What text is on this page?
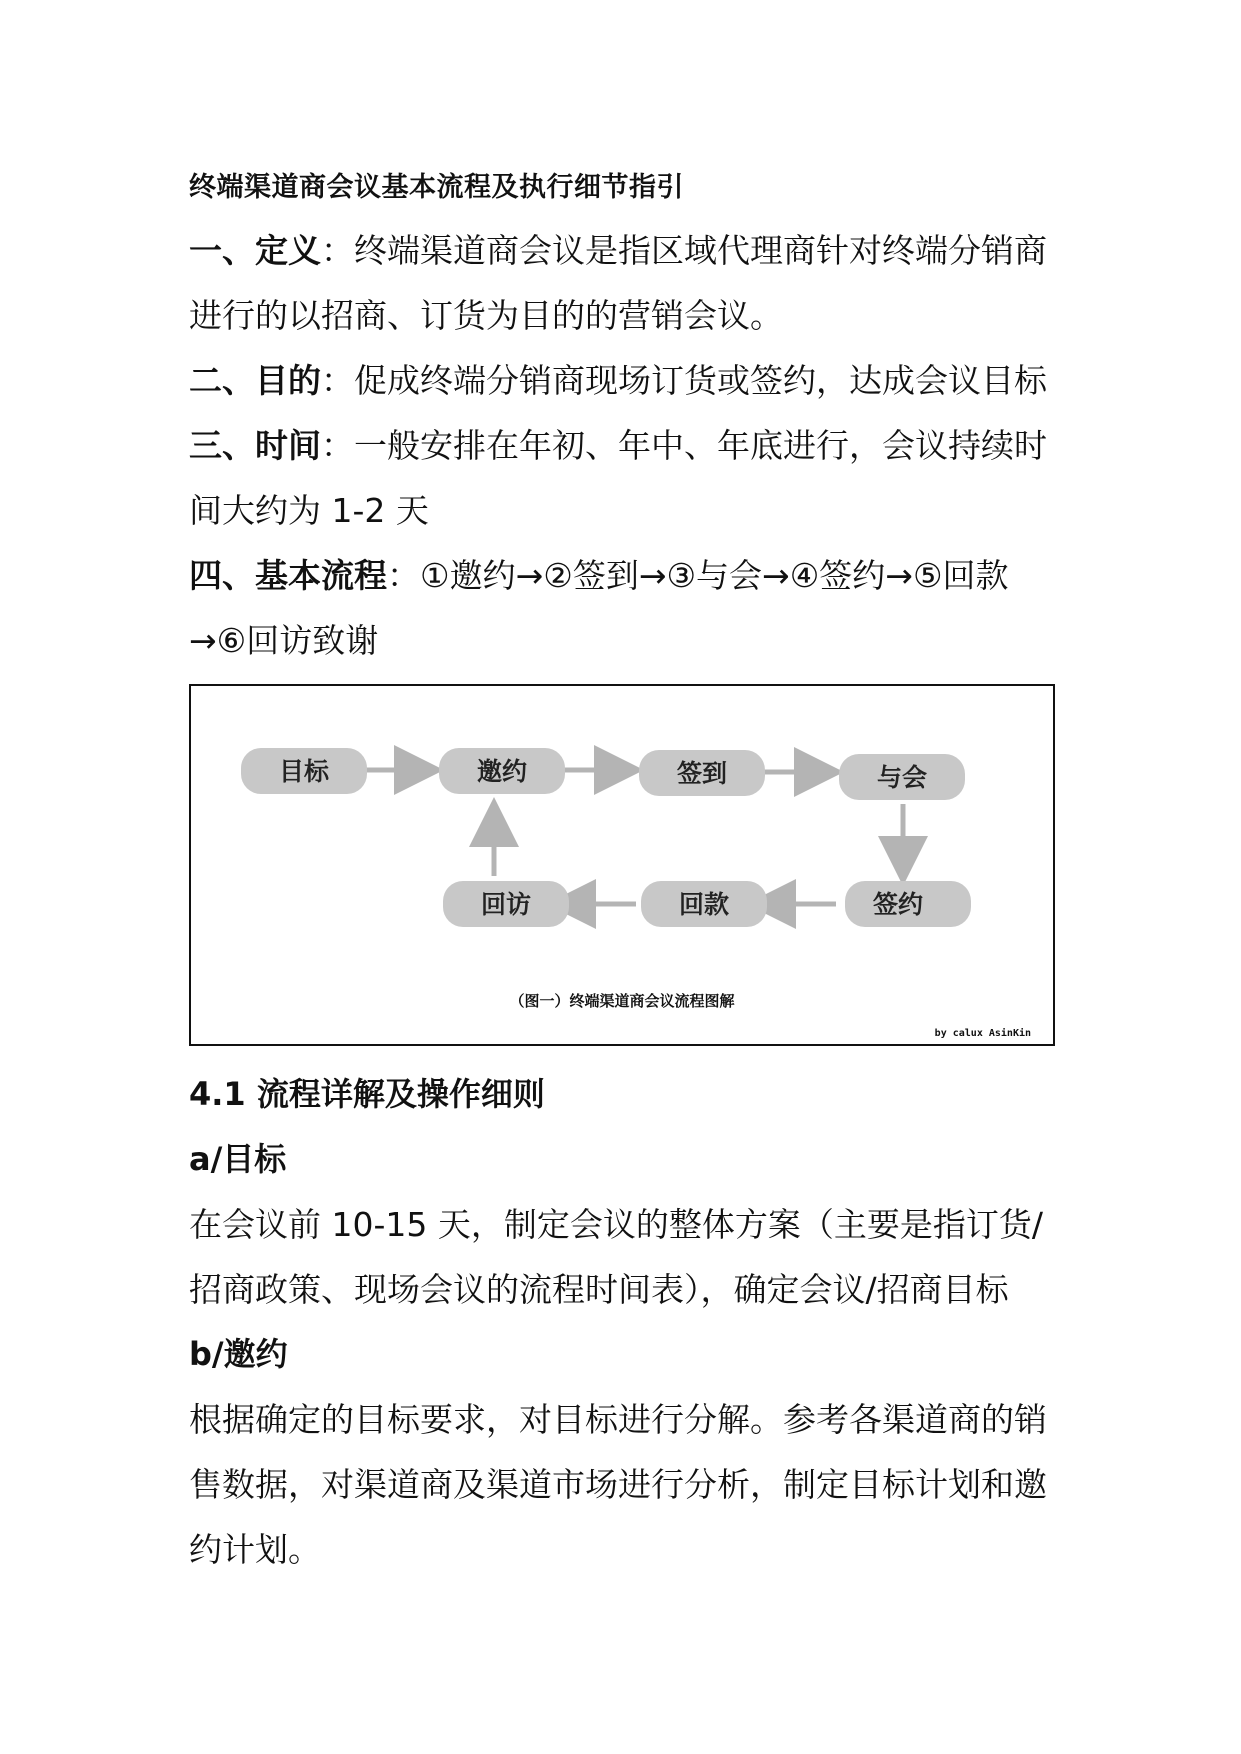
终端渠道商会议基本流程及执行细节指引
一、定义：终端渠道商会议是指区域代理商针对终端分销商
进行的以招商、订货为目的的营销会议。
二、目的：促成终端分销商现场订货或签约，达成会议目标
三、时间：一般安排在年初、年中、年底进行，会议持续时
间大约为 1-2 天
四、基本流程：①邀约→②签到→③与会→④签约→⑤回款
→⑥回访致谢
目标	邀约	签到	与会
签约
回款
回访
（图一）终端渠道商会议流程图解
by calux AsinKin
4.1 流程详解及操作细则
a/目标
在会议前 10-15 天，制定会议的整体方案（主要是指订货/
招商政策、现场会议的流程时间表），确定会议/招商目标
b/邀约
根据确定的目标要求，对目标进行分解。参考各渠道商的销
售数据，对渠道商及渠道市场进行分析，制定目标计划和邀
约计划。
